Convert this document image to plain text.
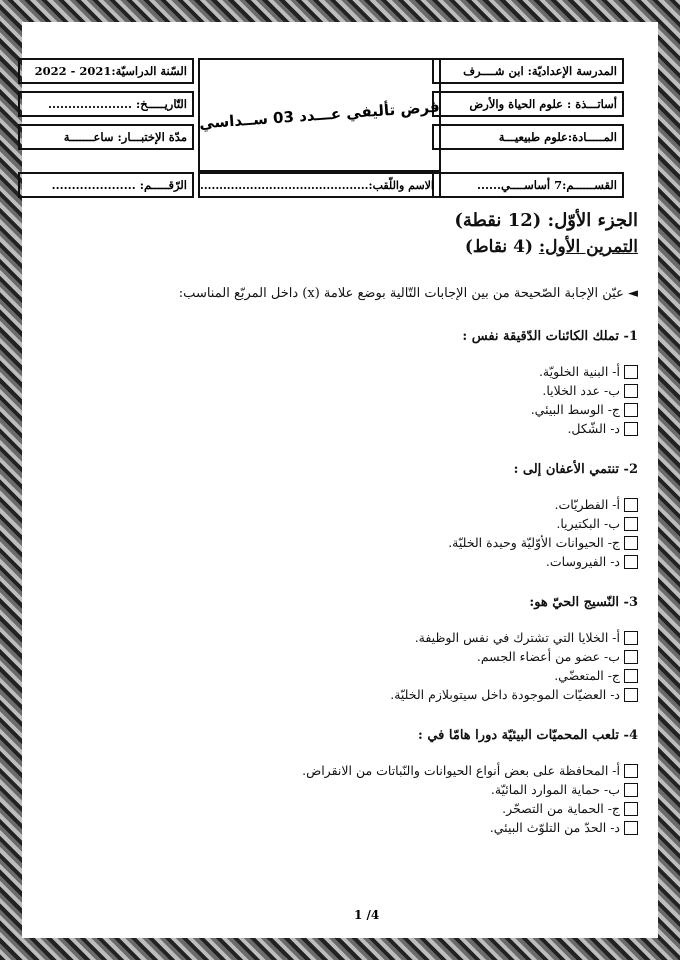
4/ 1
المدرسة الإعداديّة: ابن شــــرف
أساتـــذة : علوم الحياة والأرض
المـــــادة:علوم طبيعيـــة
القســــــم:7 أساســــي......
فرض تأليفي عـــدد 03 ســداسي
الاسم واللّقب:............................................
السّنة الدراسيّة:2021 - 2022
التّاريـــــخ: .....................
مدّة الإختبـــار: ساعـــــــة
الرّقـــــم: .....................

الجزء الأوّل: (12 نقطة)

التمرين الأول: (4 نقاط)

◄ عيّن الإجابة الصّحيحة من بين الإجابات التّالية بوضع علامة (x) داخل المربّع المناسب:

1- تملك الكائنات الدّقيقة نفس :

أ- البنية الخلويّة.
ب- عدد الخلايا.
ج- الوسط البيئي.
د- الشّكل.

2- تنتمي الأعفان إلى :

أ- الفطريّات.
ب- البكتيريا.
ج- الحيوانات الأوّليّة وحيدة الخليّة.
د- الفيروسات.

3- النّسيج الحيّ هو:

أ- الخلايا التي تشترك في نفس الوظيفة.
ب- عضو من أعضاء الجسم.
ج- المتعضّي.
د- العضيّات الموجودة داخل سيتوبلازم الخليّة.

4- تلعب المحميّات البيئيّة دورا هامّا في :

أ- المحافظة على بعض أنواع الحيوانات والنّباتات من الانقراض.
ب- حماية الموارد المائيّة.
ج- الحماية من التصحّر.
د- الحدّ من التلوّث البيئي.
